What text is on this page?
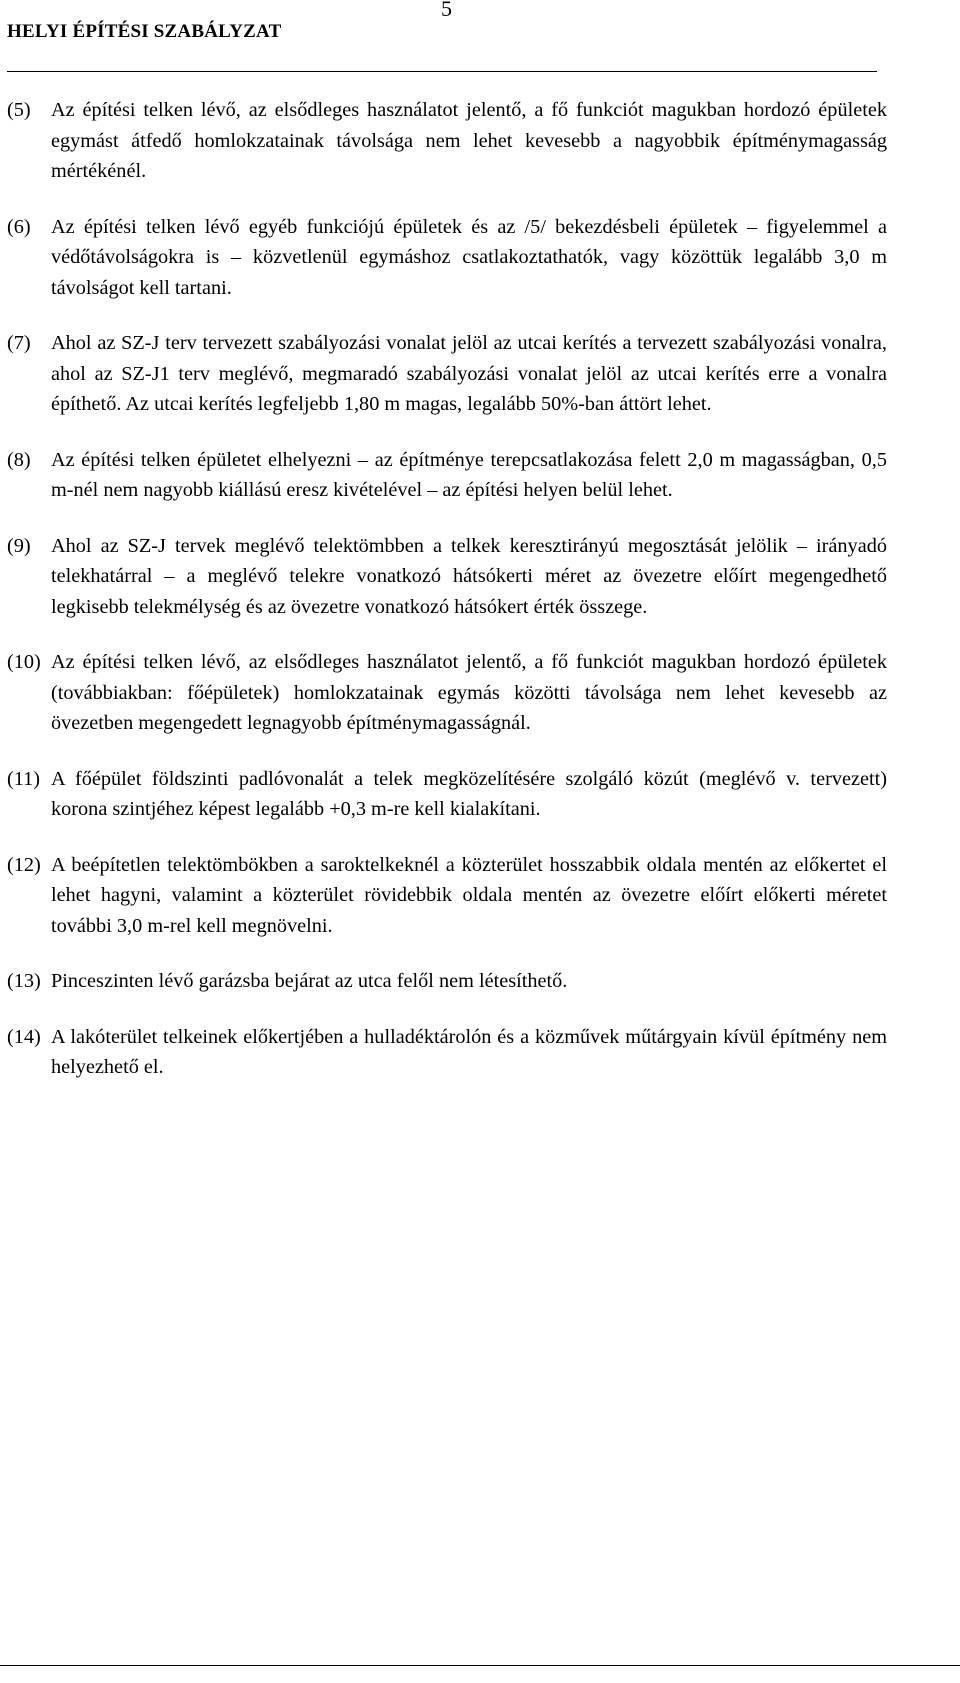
HELYI ÉPÍTÉSI SZABÁLYZAT
5

(5) Az építési telken lévő, az elsődleges használatot jelentő, a fő funkciót magukban hordozó épületek egymást átfedő homlokzatainak távolsága nem lehet kevesebb a nagyobbik építménymagasság mértékénél.

(6) Az építési telken lévő egyéb funkciójú épületek és az /5/ bekezdésbeli épületek – figyelemmel a védőtávolságokra is – közvetlenül egymáshoz csatlakoztathatók, vagy közöttük legalább 3,0 m távolságot kell tartani.

(7) Ahol az SZ-J terv tervezett szabályozási vonalat jelöl az utcai kerítés a tervezett szabályozási vonalra, ahol az SZ-J1 terv meglévő, megmaradó szabályozási vonalat jelöl az utcai kerítés erre a vonalra építhető. Az utcai kerítés legfeljebb 1,80 m magas, legalább 50%-ban áttört lehet.

(8) Az építési telken épületet elhelyezni – az építménye terepcsatlakozása felett 2,0 m magasságban, 0,5 m-nél nem nagyobb kiállású eresz kivételével – az építési helyen belül lehet.

(9) Ahol az SZ-J tervek meglévő telektömbben a telkek keresztirányú megosztását jelölik – irányadó telekhatárral – a meglévő telekre vonatkozó hátsókerti méret az övezetre előírt megengedhető legkisebb telekmélység és az övezetre vonatkozó hátsókert érték összege.

(10) Az építési telken lévő, az elsődleges használatot jelentő, a fő funkciót magukban hordozó épületek (továbbiakban: főépületek) homlokzatainak egymás közötti távolsága nem lehet kevesebb az övezetben megengedett legnagyobb építménymagasságnál.

(11) A főépület földszinti padlóvonalát a telek megközelítésére szolgáló közút (meglévő v. tervezett) korona szintjéhez képest legalább +0,3 m-re kell kialakítani.

(12) A beépítetlen telektömbökben a saroktelkeknél a közterület hosszabbik oldala mentén az előkertet el lehet hagyni, valamint a közterület rövidebbik oldala mentén az övezetre előírt előkerti méretet további 3,0 m-rel kell megnövelni.

(13) Pinceszinten lévő garázsba bejárat az utca felől nem létesíthető.

(14) A lakóterület telkeinek előkertjében a hulladéktárolón és a közművek műtárgyain kívül építmény nem helyezhető el.
